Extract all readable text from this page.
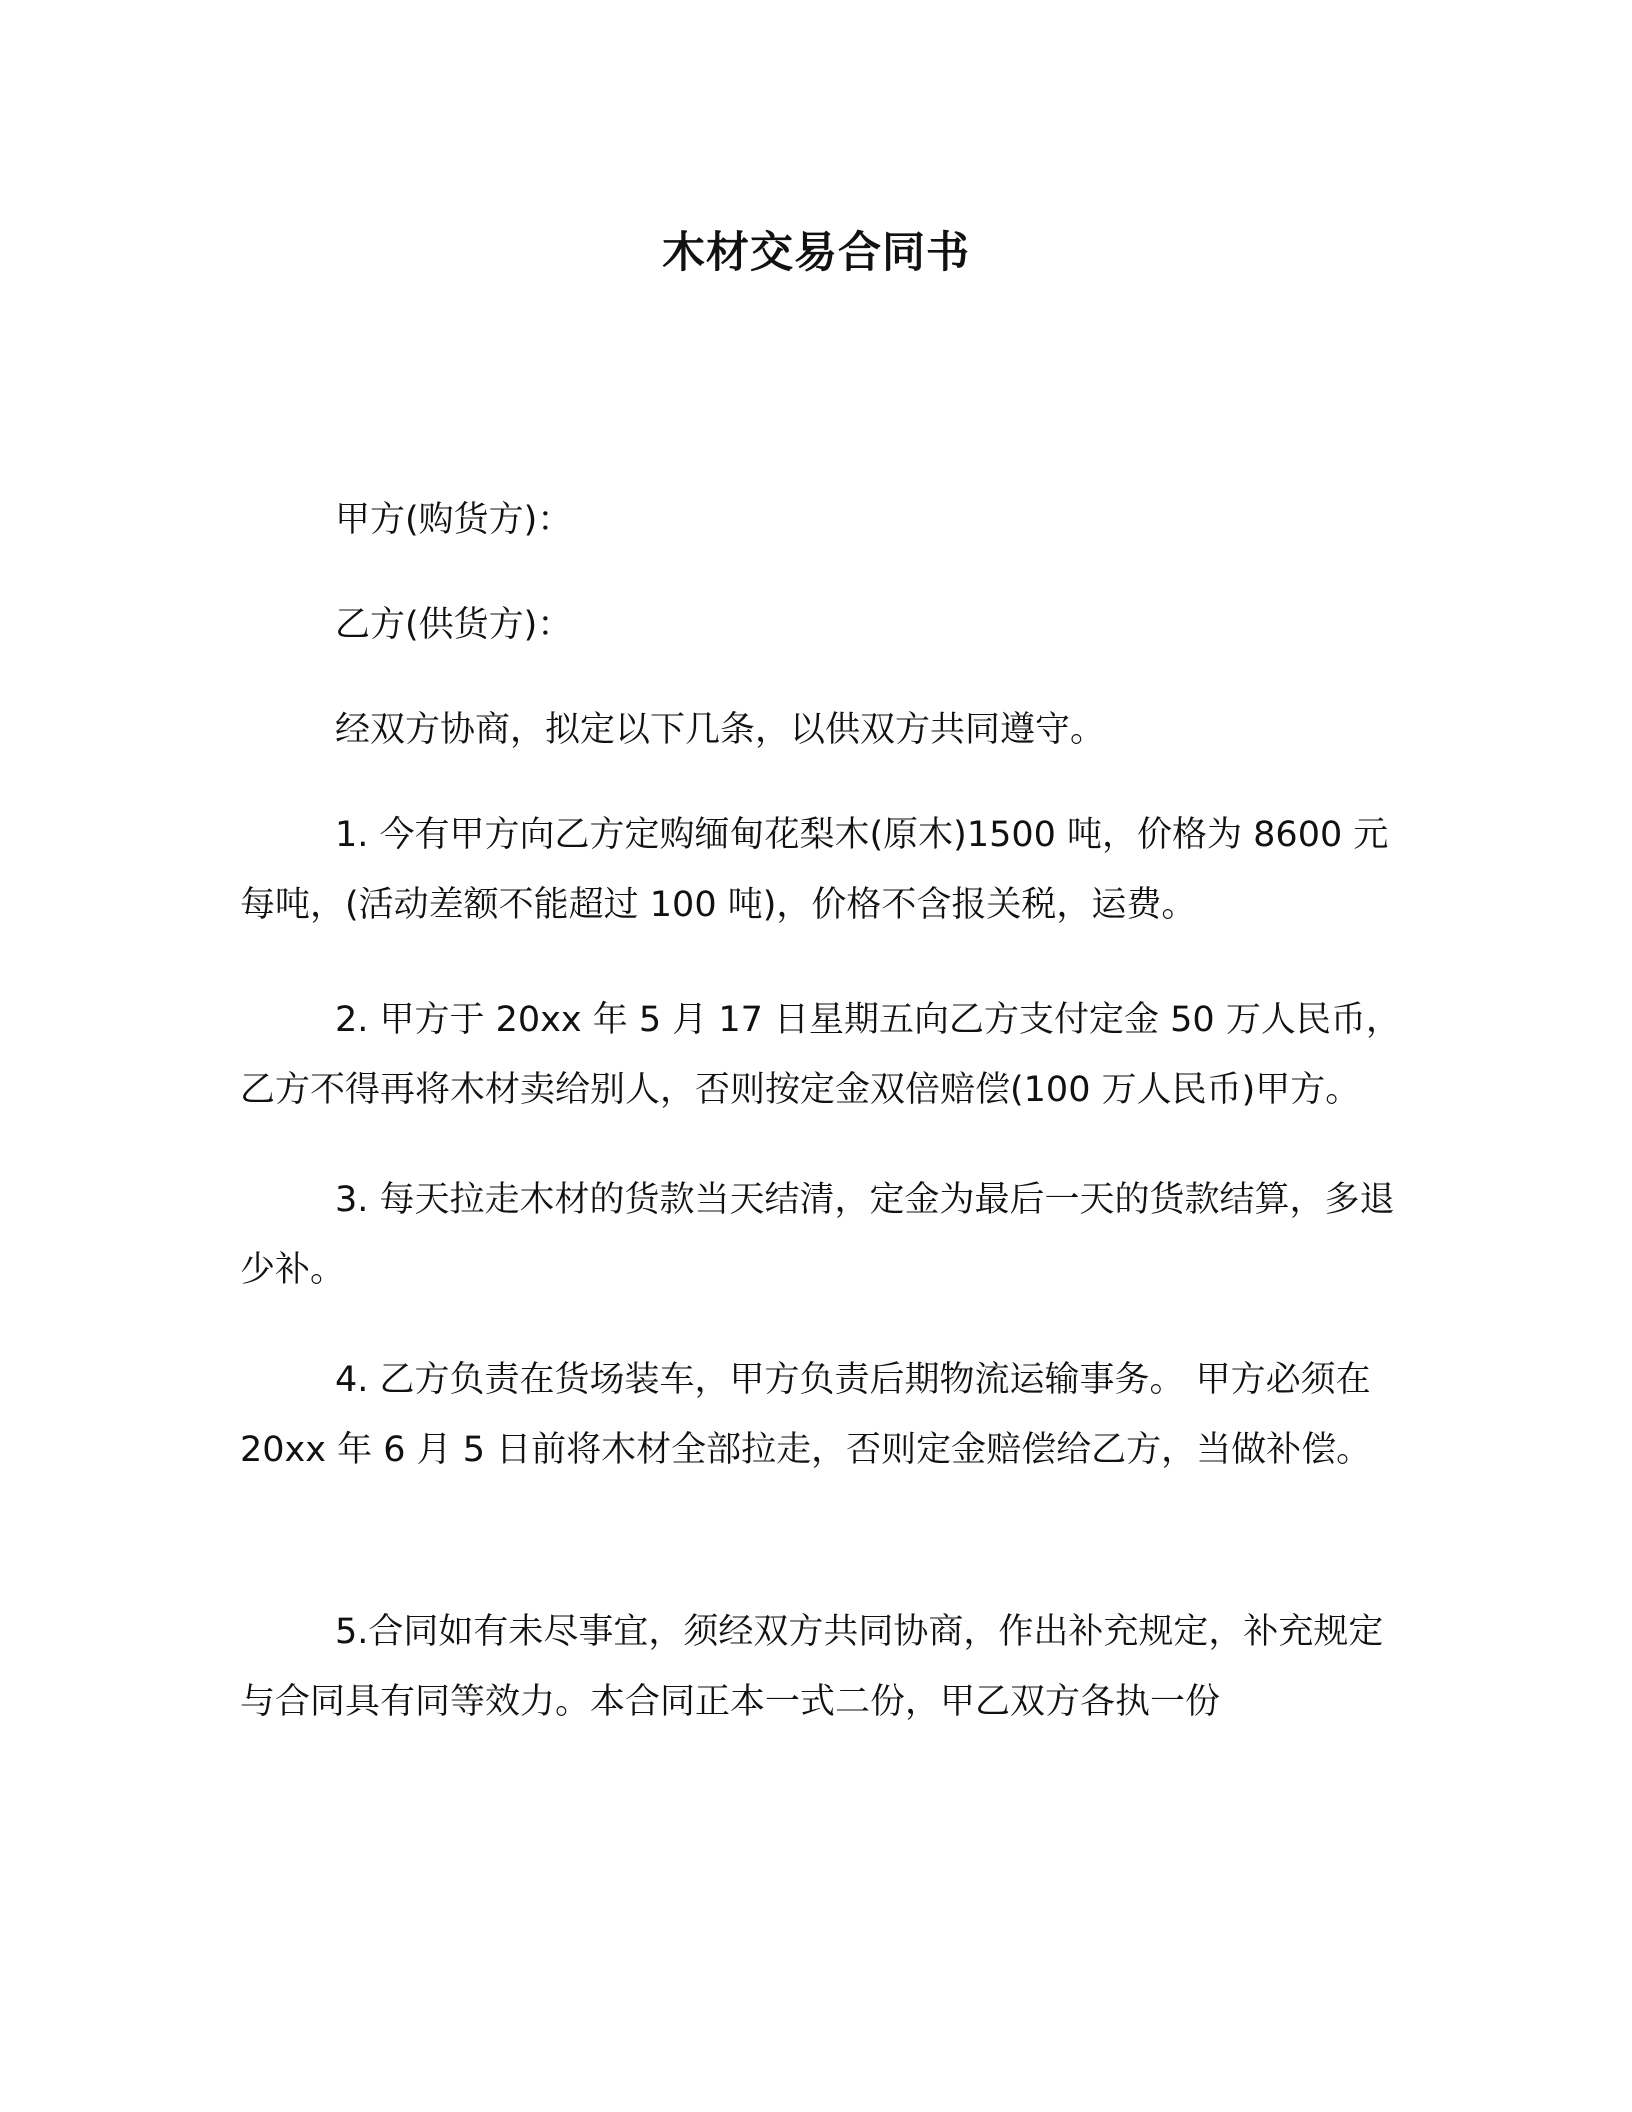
木材交易合同书
甲方(购货方)：
乙方(供货方)：
经双方协商，拟定以下几条，以供双方共同遵守。

1. 今有甲方向乙方定购缅甸花梨木(原木)1500 吨，价格为 8600 元每吨，(活动差额不能超过 100 吨)，价格不含报关税，运费。

2. 甲方于 20xx 年 5 月 17 日星期五向乙方支付定金 50 万人民币，乙方不得再将木材卖给别人，否则按定金双倍赔偿(100 万人民币)甲方。

3. 每天拉走木材的货款当天结清，定金为最后一天的货款结算，多退少补。

4. 乙方负责在货场装车，甲方负责后期物流运输事务。 甲方必须在 20xx 年 6 月 5 日前将木材全部拉走，否则定金赔偿给乙方，当做补偿。

5.合同如有未尽事宜，须经双方共同协商，作出补充规定，补充规定与合同具有同等效力。本合同正本一式二份，甲乙双方各执一份
